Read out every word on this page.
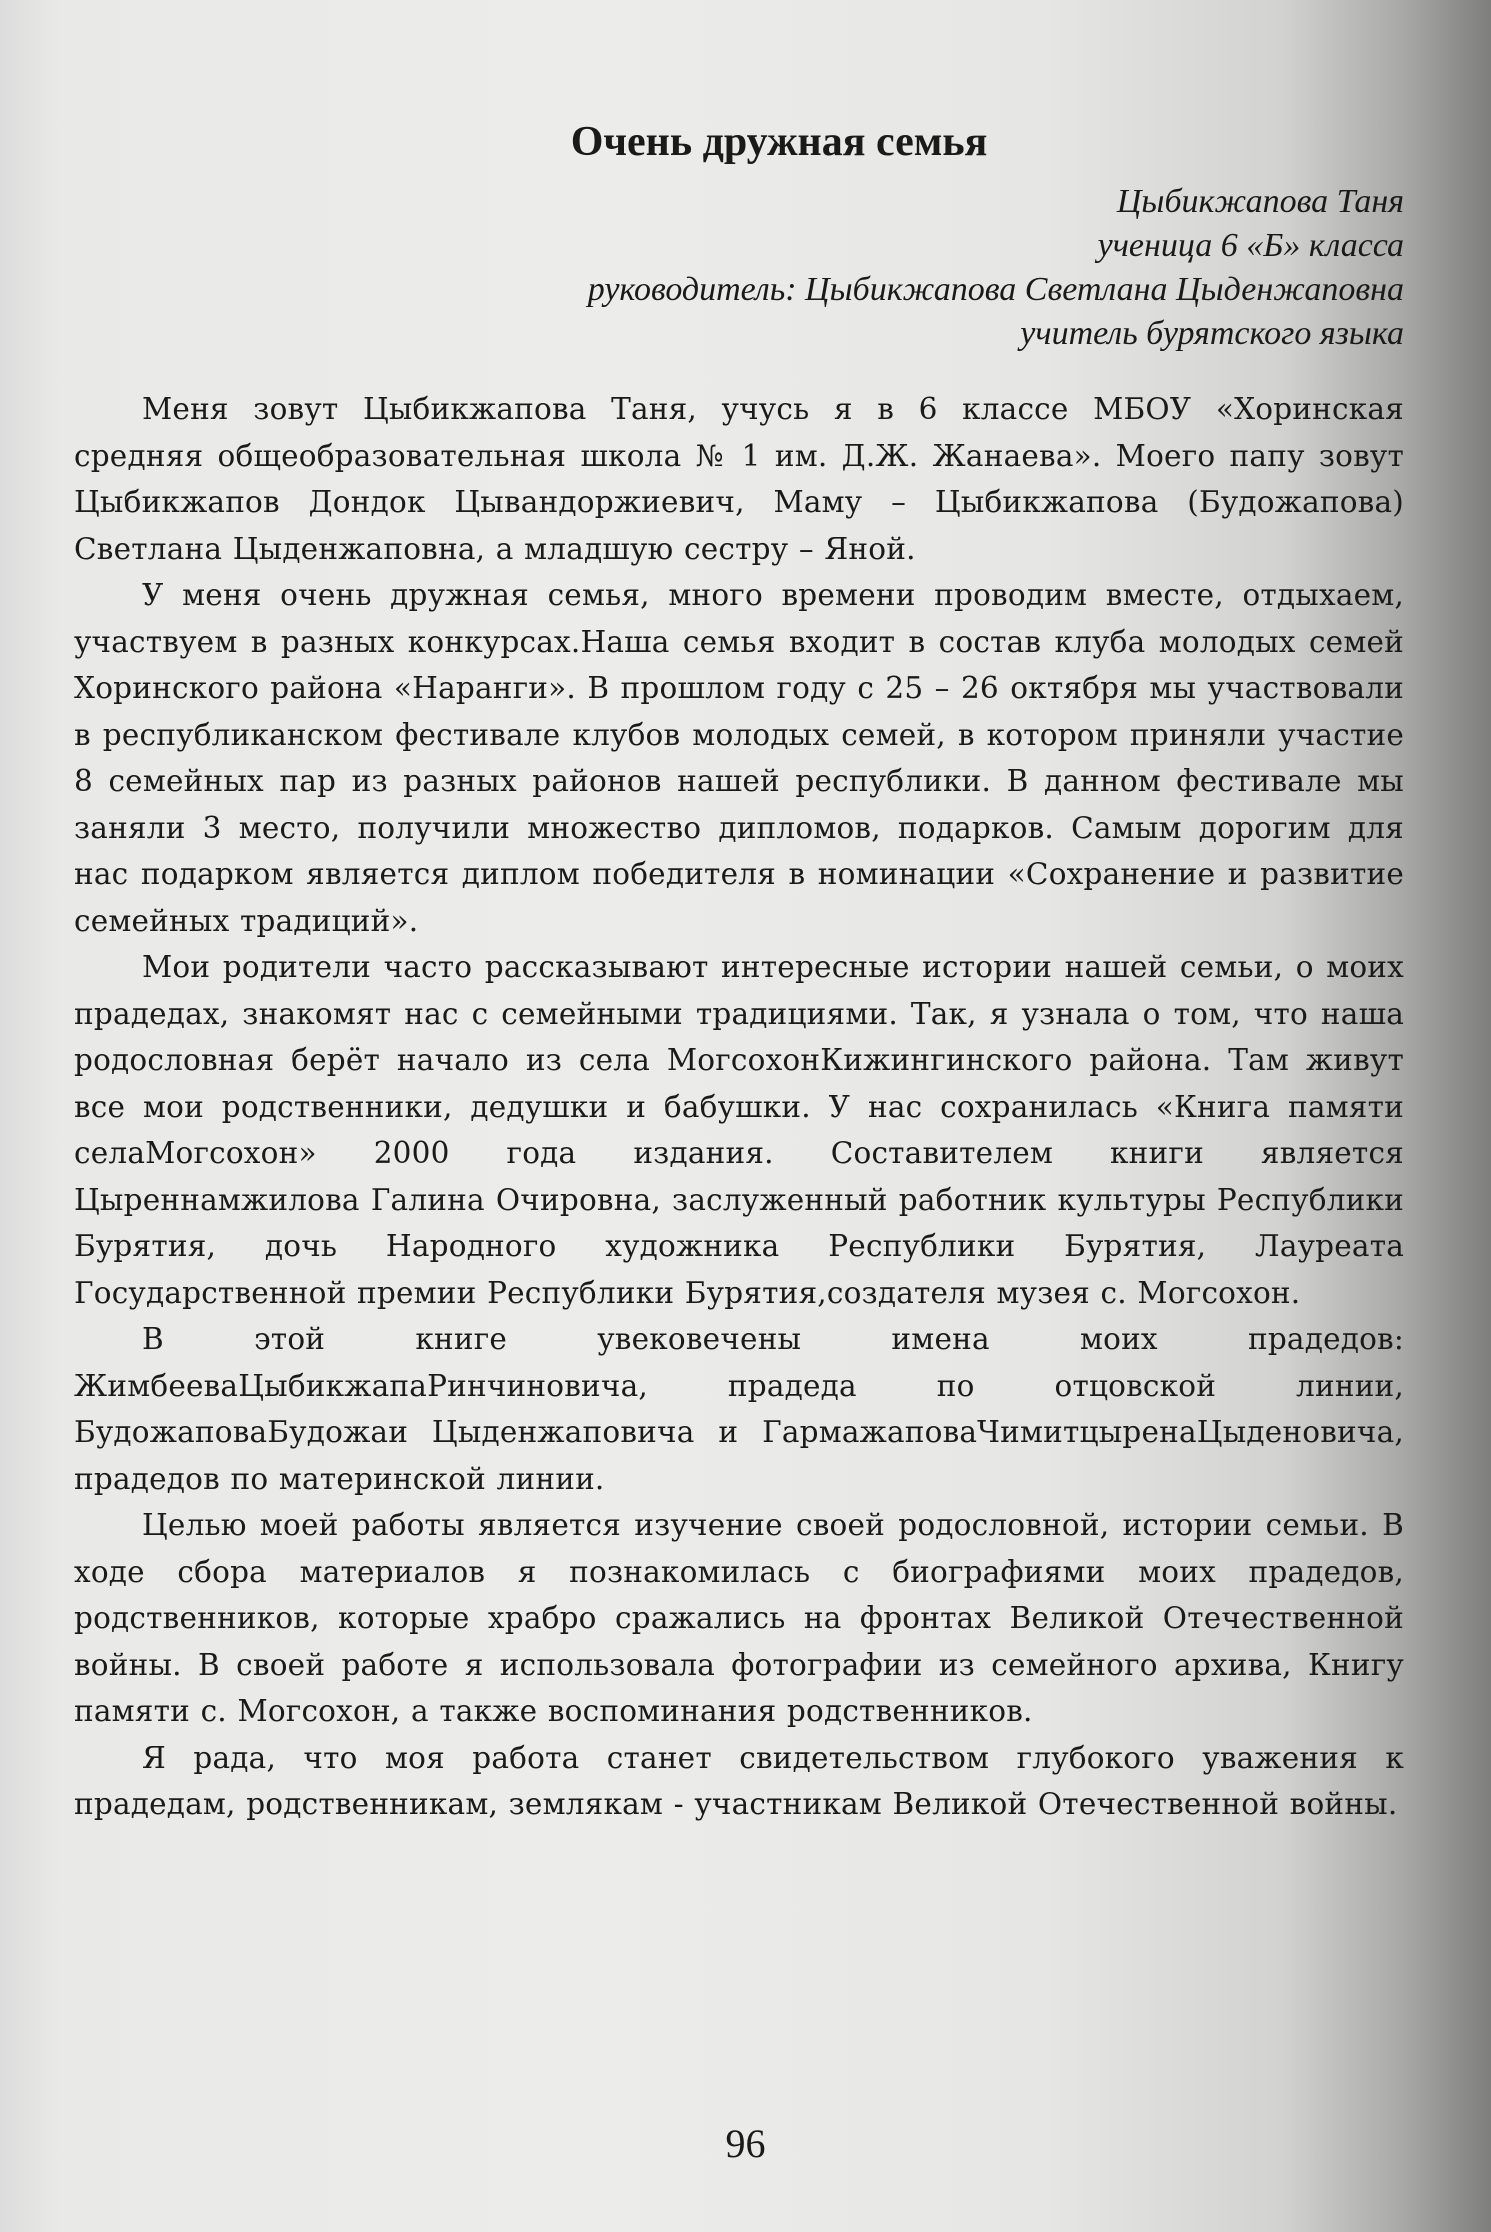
Очень дружная семья
Цыбикжапова Таня
ученица 6 «Б» класса
руководитель: Цыбикжапова Светлана Цыденжаповна
учитель бурятского языка

Меня зовут Цыбикжапова Таня, учусь я в 6 классе МБОУ «Хоринская средняя общеобразовательная школа № 1 им. Д.Ж. Жанаева». Моего папу зовут Цыбикжапов Дондок Цывандоржиевич, Маму – Цыбикжапова (Будожапова) Светлана Цыденжаповна, а младшую сестру – Яной.

У меня очень дружная семья, много времени проводим вместе, отдыхаем, участвуем в разных конкурсах.Наша семья входит в состав клуба молодых семей Хоринского района «Наранги». В прошлом году с 25 – 26 октября мы участвовали в республиканском фестивале клубов молодых семей, в котором приняли участие 8 семейных пар из разных районов нашей республики. В данном фестивале мы заняли 3 место, получили множество дипломов, подарков. Самым дорогим для нас подарком является диплом победителя в номинации «Сохранение и развитие семейных традиций».

Мои родители часто рассказывают интересные истории нашей семьи, о моих прадедах, знакомят нас с семейными традициями. Так, я узнала о том, что наша родословная берёт начало из села МогсохонКижингинского района. Там живут все мои родственники, дедушки и бабушки. У нас сохранилась «Книга памяти селаМогсохон» 2000 года издания. Составителем книги является Цыреннамжилова Галина Очировна, заслуженный работник культуры Республики Бурятия, дочь Народного художника Республики Бурятия, Лауреата Государственной премии Республики Бурятия,создателя музея с. Могсохон.

В этой книге увековечены имена моих прадедов: ЖимбееваЦыбикжапаРинчиновича, прадеда по отцовской линии, БудожаповаБудожаи Цыденжаповича и ГармажаповаЧимитцыренаЦыденовича, прадедов по материнской линии.

Целью моей работы является изучение своей родословной, истории семьи. В ходе сбора материалов я познакомилась с биографиями моих прадедов, родственников, которые храбро сражались на фронтах Великой Отечественной войны. В своей работе я использовала фотографии из семейного архива, Книгу памяти с. Могсохон, а также воспоминания родственников.

Я рада, что моя работа станет свидетельством глубокого уважения к прадедам, родственникам, землякам - участникам Великой Отечественной войны.

96
